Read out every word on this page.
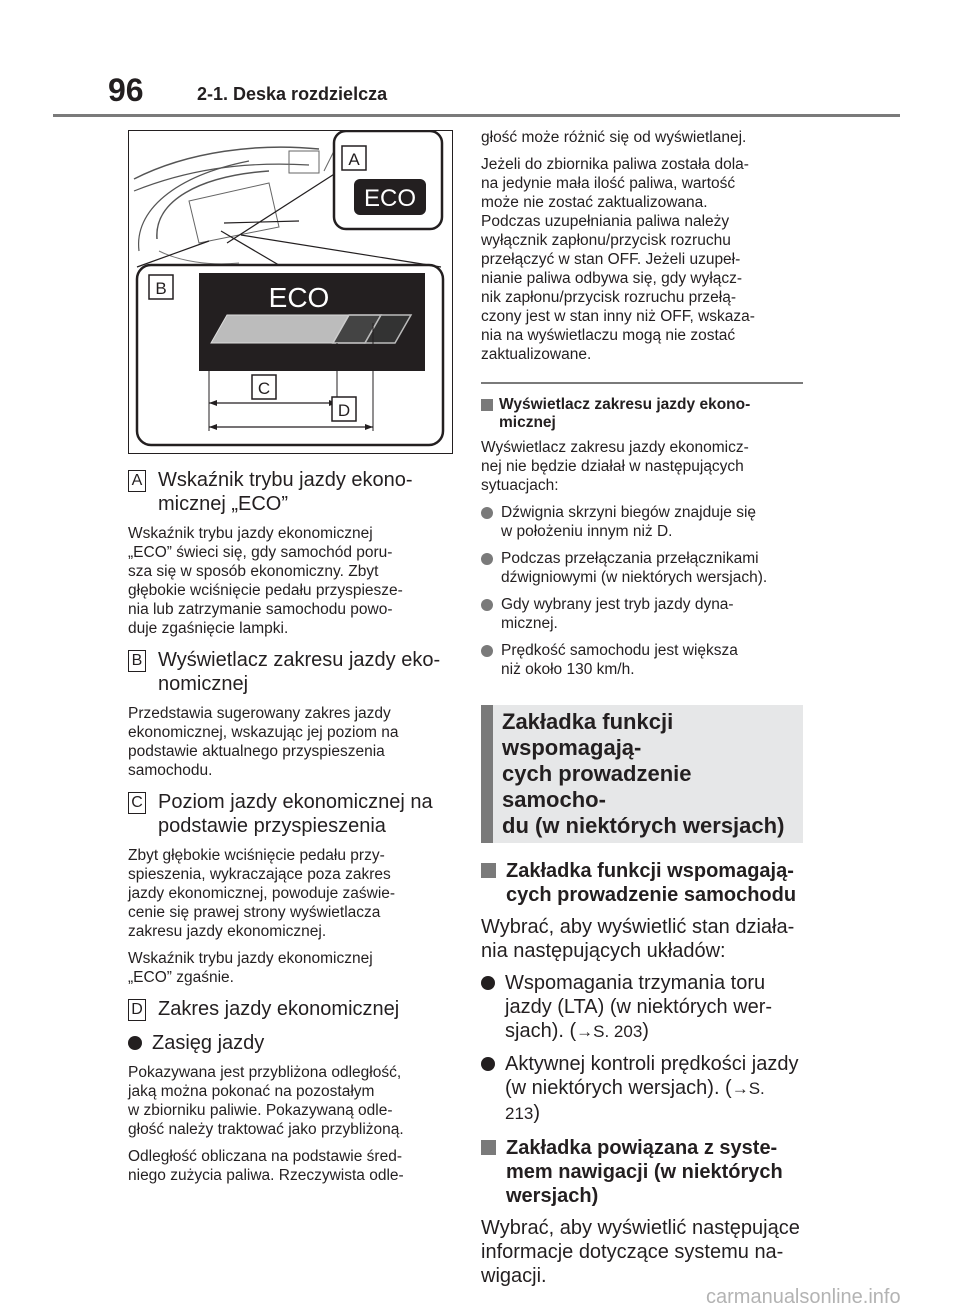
96	2-1. Deska rozdzielcza
A
ECO
B	ECO
C
D
A Wskaźnik trybu jazdy ekono-
micznej „ECO”

Wskaźnik trybu jazdy ekonomicznej
„ECO” świeci się, gdy samochód poru-
sza się w sposób ekonomiczny. Zbyt
głębokie wciśnięcie pedału przyspiesze-
nia lub zatrzymanie samochodu powo-
duje zgaśnięcie lampki.

B Wyświetlacz zakresu jazdy eko-
nomicznej

Przedstawia sugerowany zakres jazdy
ekonomicznej, wskazując jej poziom na
podstawie aktualnego przyspieszenia
samochodu.

C Poziom jazdy ekonomicznej na
podstawie przyspieszenia

Zbyt głębokie wciśnięcie pedału przy-
spieszenia, wykraczające poza zakres
jazdy ekonomicznej, powoduje zaświe-
cenie się prawej strony wyświetlacza
zakresu jazdy ekonomicznej.

Wskaźnik trybu jazdy ekonomicznej
„ECO” zgaśnie.

D Zakres jazdy ekonomicznej
Zasięg jazdy

Pokazywana jest przybliżona odległość,
jaką można pokonać na pozostałym
w zbiorniku paliwie. Pokazywaną odle-
głość należy traktować jako przybliżoną.

Odległość obliczana na podstawie śred-
niego zużycia paliwa. Rzeczywista odle-

głość może różnić się od wyświetlanej.

Jeżeli do zbiornika paliwa została dola-
na jedynie mała ilość paliwa, wartość
może nie zostać zaktualizowana.
Podczas uzupełniania paliwa należy
wyłącznik zapłonu/przycisk rozruchu
przełączyć w stan OFF. Jeżeli uzupeł-
nianie paliwa odbywa się, gdy wyłącz-
nik zapłonu/przycisk rozruchu przełą-
czony jest w stan inny niż OFF, wskaza-
nia na wyświetlaczu mogą nie zostać
zaktualizowane.

Wyświetlacz zakresu jazdy ekono-
micznej

Wyświetlacz zakresu jazdy ekonomicz-
nej nie będzie działał w następujących
sytuacjach:

Dźwignia skrzyni biegów znajduje się
w położeniu innym niż D.
Podczas przełączania przełącznikami
dźwigniowymi (w niektórych wersjach).
Gdy wybrany jest tryb jazdy dyna-
micznej.
Prędkość samochodu jest większa
niż około 130 km/h.
Zakładka funkcji wspomagają-
cych prowadzenie samocho-
du (w niektórych wersjach)
Zakładka funkcji wspomagają-
cych prowadzenie samochodu

Wybrać, aby wyświetlić stan działa-
nia następujących układów:

Wspomagania trzymania toru
jazdy (LTA) (w niektórych wer-
sjach). (→S. 203)
Aktywnej kontroli prędkości jazdy
(w niektórych wersjach). (→S. 213)
Zakładka powiązana z syste-
mem nawigacji (w niektórych
wersjach)

Wybrać, aby wyświetlić następujące
informacje dotyczące systemu na-
wigacji.

carmanualsonline.info
